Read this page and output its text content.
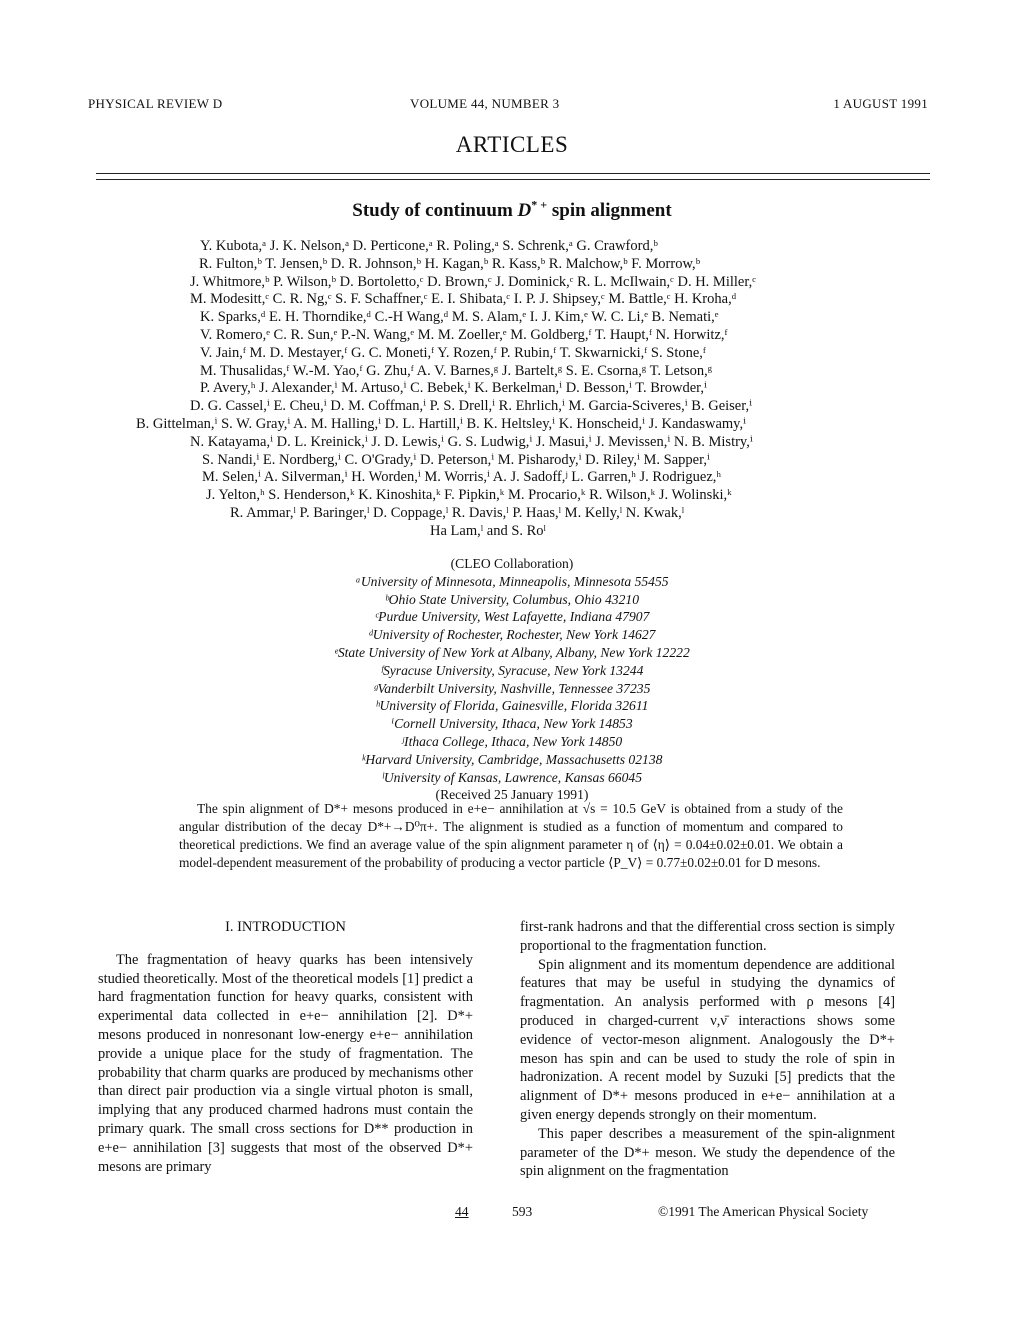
PHYSICAL REVIEW D	VOLUME 44, NUMBER 3	1 AUGUST 1991
ARTICLES
Study of continuum D* + spin alignment
Y. Kubota,ᵃ J. K. Nelson,ᵃ D. Perticone,ᵃ R. Poling,ᵃ S. Schrenk,ᵃ G. Crawford,ᵇ
R. Fulton,ᵇ T. Jensen,ᵇ D. R. Johnson,ᵇ H. Kagan,ᵇ R. Kass,ᵇ R. Malchow,ᵇ F. Morrow,ᵇ
J. Whitmore,ᵇ P. Wilson,ᵇ D. Bortoletto,ᶜ D. Brown,ᶜ J. Dominick,ᶜ R. L. McIlwain,ᶜ D. H. Miller,ᶜ
M. Modesitt,ᶜ C. R. Ng,ᶜ S. F. Schaffner,ᶜ E. I. Shibata,ᶜ I. P. J. Shipsey,ᶜ M. Battle,ᶜ H. Kroha,ᵈ
K. Sparks,ᵈ E. H. Thorndike,ᵈ C.-H Wang,ᵈ M. S. Alam,ᵉ I. J. Kim,ᵉ W. C. Li,ᵉ B. Nemati,ᵉ
V. Romero,ᵉ C. R. Sun,ᵉ P.-N. Wang,ᵉ M. M. Zoeller,ᵉ M. Goldberg,ᶠ T. Haupt,ᶠ N. Horwitz,ᶠ
V. Jain,ᶠ M. D. Mestayer,ᶠ G. C. Moneti,ᶠ Y. Rozen,ᶠ P. Rubin,ᶠ T. Skwarnicki,ᶠ S. Stone,ᶠ
M. Thusalidas,ᶠ W.-M. Yao,ᶠ G. Zhu,ᶠ A. V. Barnes,ᵍ J. Bartelt,ᵍ S. E. Csorna,ᵍ T. Letson,ᵍ
P. Avery,ʰ J. Alexander,ⁱ M. Artuso,ⁱ C. Bebek,ⁱ K. Berkelman,ⁱ D. Besson,ⁱ T. Browder,ⁱ
D. G. Cassel,ⁱ E. Cheu,ⁱ D. M. Coffman,ⁱ P. S. Drell,ⁱ R. Ehrlich,ⁱ M. Garcia-Sciveres,ⁱ B. Geiser,ⁱ
B. Gittelman,ⁱ S. W. Gray,ⁱ A. M. Halling,ⁱ D. L. Hartill,ⁱ B. K. Heltsley,ⁱ K. Honscheid,ⁱ J. Kandaswamy,ⁱ
N. Katayama,ⁱ D. L. Kreinick,ⁱ J. D. Lewis,ⁱ G. S. Ludwig,ⁱ J. Masui,ⁱ J. Mevissen,ⁱ N. B. Mistry,ⁱ
S. Nandi,ⁱ E. Nordberg,ⁱ C. O'Grady,ⁱ D. Peterson,ⁱ M. Pisharody,ⁱ D. Riley,ⁱ M. Sapper,ⁱ
M. Selen,ⁱ A. Silverman,ⁱ H. Worden,ⁱ M. Worris,ⁱ A. J. Sadoff,ʲ L. Garren,ʰ J. Rodriguez,ʰ
J. Yelton,ʰ S. Henderson,ᵏ K. Kinoshita,ᵏ F. Pipkin,ᵏ M. Procario,ᵏ R. Wilson,ᵏ J. Wolinski,ᵏ
R. Ammar,ˡ P. Baringer,ˡ D. Coppage,ˡ R. Davis,ˡ P. Haas,ˡ M. Kelly,ˡ N. Kwak,ˡ
Ha Lam,ˡ and S. Roˡ
(CLEO Collaboration)
ᵃUniversity of Minnesota, Minneapolis, Minnesota 55455
ᵇOhio State University, Columbus, Ohio 43210
ᶜPurdue University, West Lafayette, Indiana 47907
ᵈUniversity of Rochester, Rochester, New York 14627
ᵉState University of New York at Albany, Albany, New York 12222
ᶠSyracuse University, Syracuse, New York 13244
ᵍVanderbilt University, Nashville, Tennessee 37235
ʰUniversity of Florida, Gainesville, Florida 32611
ⁱCornell University, Ithaca, New York 14853
ʲIthaca College, Ithaca, New York 14850
ᵏHarvard University, Cambridge, Massachusetts 02138
ˡUniversity of Kansas, Lawrence, Kansas 66045
(Received 25 January 1991)

The spin alignment of D*+ mesons produced in e+e− annihilation at √s = 10.5 GeV is obtained from a study of the angular distribution of the decay D*+→D⁰π+. The alignment is studied as a function of momentum and compared to theoretical predictions. We find an average value of the spin alignment parameter η of ⟨η⟩ = 0.04±0.02±0.01. We obtain a model-dependent measurement of the probability of producing a vector particle ⟨P_V⟩ = 0.77±0.02±0.01 for D mesons.

I. INTRODUCTION

The fragmentation of heavy quarks has been intensively studied theoretically. Most of the theoretical models [1] predict a hard fragmentation function for heavy quarks, consistent with experimental data collected in e+e− annihilation [2]. D*+ mesons produced in nonresonant low-energy e+e− annihilation provide a unique place for the study of fragmentation. The probability that charm quarks are produced by mechanisms other than direct pair production via a single virtual photon is small, implying that any produced charmed hadrons must contain the primary quark. The small cross sections for D** production in e+e− annihilation [3] suggests that most of the observed D*+ mesons are primary

first-rank hadrons and that the differential cross section is simply proportional to the fragmentation function.

Spin alignment and its momentum dependence are additional features that may be useful in studying the dynamics of fragmentation. An analysis performed with ρ mesons [4] produced in charged-current ν,ν̄ interactions shows some evidence of vector-meson alignment. Analogously the D*+ meson has spin and can be used to study the role of spin in hadronization. A recent model by Suzuki [5] predicts that the alignment of D*+ mesons produced in e+e− annihilation at a given energy depends strongly on their momentum.

This paper describes a measurement of the spin-alignment parameter of the D*+ meson. We study the dependence of the spin alignment on the fragmentation

44	593	©1991 The American Physical Society
